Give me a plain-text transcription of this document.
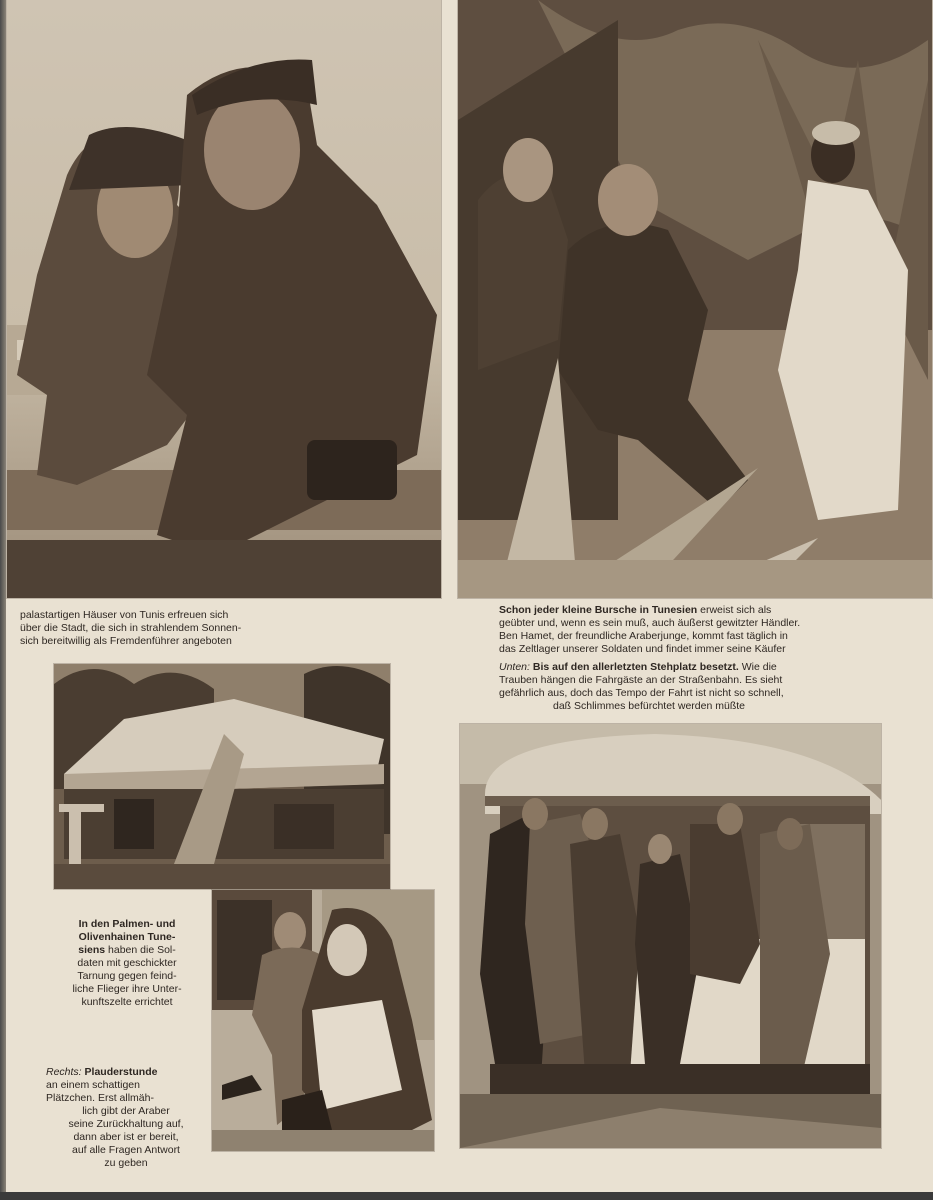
palastartigen Häuser von Tunis erfreuen sich
über die Stadt, die sich in strahlendem Sonnen-
sich bereitwillig als Fremdenführer angeboten
Schon jeder kleine Bursche in Tunesien erweist sich als
geübter und, wenn es sein muß, auch äußerst gewitzter Händler.
Ben Hamet, der freundliche Araberjunge, kommt fast täglich in
das Zeltlager unserer Soldaten und findet immer seine Käufer
Unten: Bis auf den allerletzten Stehplatz besetzt. Wie die
Trauben hängen die Fahrgäste an der Straßenbahn. Es sieht
gefährlich aus, doch das Tempo der Fahrt ist nicht so schnell,
daß Schlimmes befürchtet werden müßte
In den Palmen- und
Olivenhainen Tune-
siens haben die Sol-
daten mit geschickter
Tarnung gegen feind-
liche Flieger ihre Unter-
kunftszelte errichtet
Rechts: Plauderstunde
an einem schattigen
Plätzchen. Erst allmäh-
lich gibt der Araber
seine Zurückhaltung auf,
dann aber ist er bereit,
auf alle Fragen Antwort
zu geben
